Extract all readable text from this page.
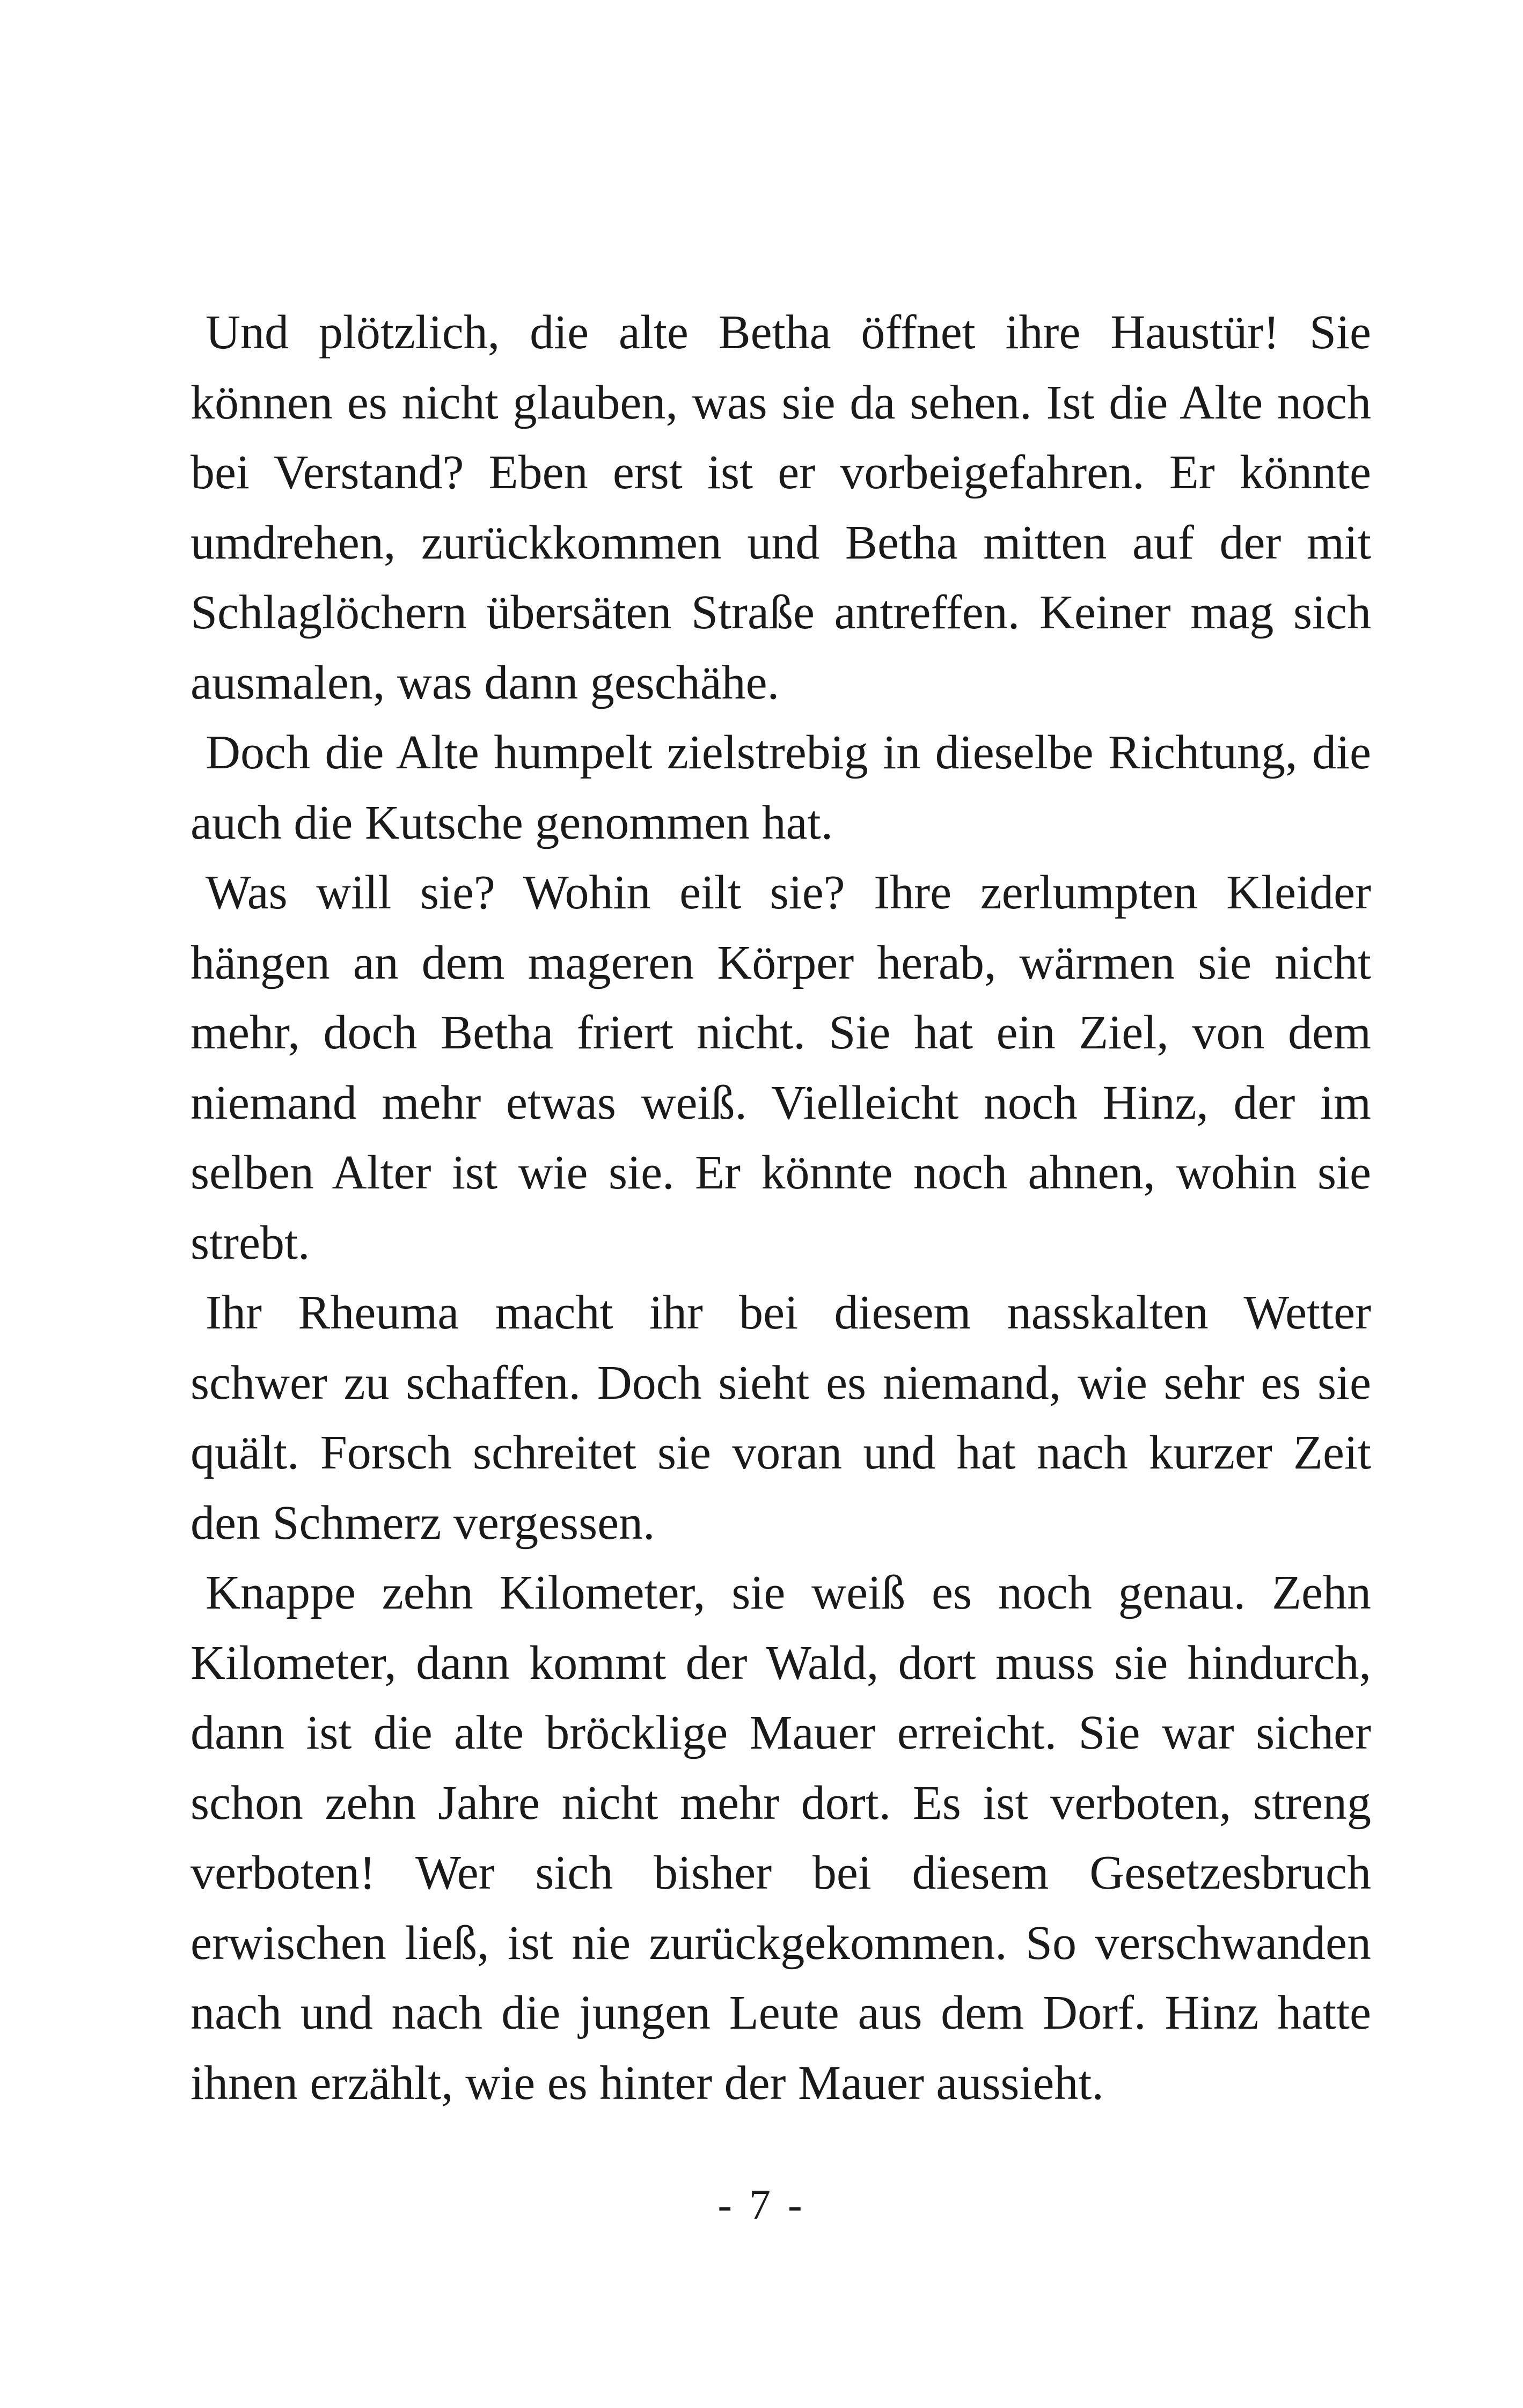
Und plötzlich, die alte Betha öffnet ihre Haustür! Sie
können es nicht glauben, was sie da sehen. Ist die Alte noch
bei Verstand? Eben erst ist er vorbeigefahren. Er könnte
umdrehen, zurückkommen und Betha mitten auf der mit
Schlaglöchern übersäten Straße antreffen. Keiner mag sich
ausmalen, was dann geschähe.

Doch die Alte humpelt zielstrebig in dieselbe Richtung, die
auch die Kutsche genommen hat.

Was will sie? Wohin eilt sie? Ihre zerlumpten Kleider
hängen an dem mageren Körper herab, wärmen sie nicht
mehr, doch Betha friert nicht. Sie hat ein Ziel, von dem
niemand mehr etwas weiß. Vielleicht noch Hinz, der im
selben Alter ist wie sie. Er könnte noch ahnen, wohin sie
strebt.

Ihr Rheuma macht ihr bei diesem nasskalten Wetter
schwer zu schaffen. Doch sieht es niemand, wie sehr es sie
quält. Forsch schreitet sie voran und hat nach kurzer Zeit
den Schmerz vergessen.

Knappe zehn Kilometer, sie weiß es noch genau. Zehn
Kilometer, dann kommt der Wald, dort muss sie hindurch,
dann ist die alte bröcklige Mauer erreicht. Sie war sicher
schon zehn Jahre nicht mehr dort. Es ist verboten, streng
verboten! Wer sich bisher bei diesem Gesetzesbruch
erwischen ließ, ist nie zurückgekommen. So verschwanden
nach und nach die jungen Leute aus dem Dorf. Hinz hatte
ihnen erzählt, wie es hinter der Mauer aussieht.

- 7 -
